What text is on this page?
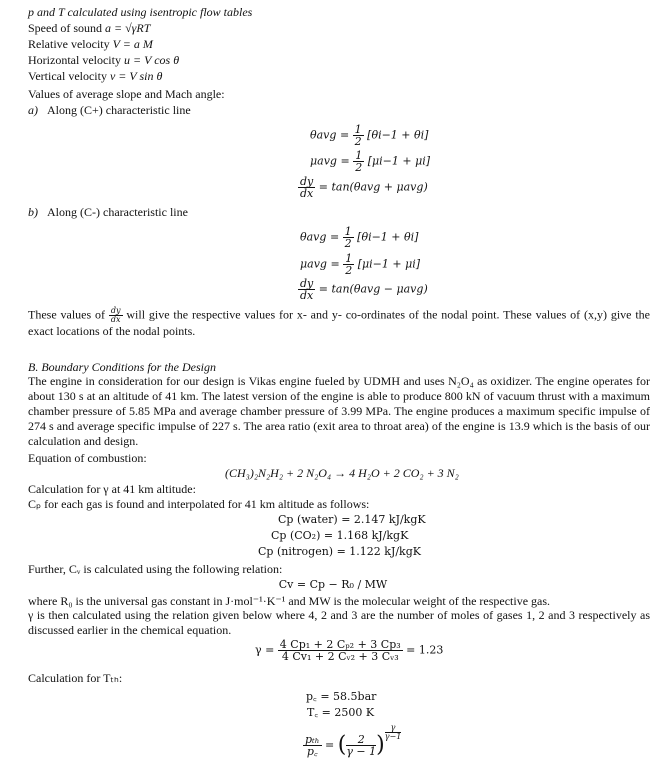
p and T calculated using isentropic flow tables
Speed of sound a = √γRT
Relative velocity V = a M
Horizontal velocity u = V cos θ
Vertical velocity v = V sin θ
Values of average slope and Mach angle:
a) Along (C+) characteristic line
$\theta avg = \frac{1}{2} [\theta i-1 + \theta i]$
$\mu avg = \frac{1}{2} [\mu i-1 + \mu i]$
$\frac{dy}{dx} = \tan(\theta avg + \mu avg)$
b) Along (C-) characteristic line
$\theta avg = \frac{1}{2} [\theta i-1 + \theta i]$
$\mu avg = \frac{1}{2} [\mu i-1 + \mu i]$
$\frac{dy}{dx} = \tan(\theta avg - \mu avg)$
These values of $\frac{dy}{dx}$ will give the respective values for x- and y- co-ordinates of the nodal point. These values of (x,y) give the exact locations of the nodal points.
B. Boundary Conditions for the Design
The engine in consideration for our design is Vikas engine fueled by UDMH and uses N₂O₄ as oxidizer. The engine operates for about 130 s at an altitude of 41 km. The latest version of the engine is able to produce 800 kN of vacuum thrust with a maximum chamber pressure of 5.85 MPa and average chamber pressure of 3.99 MPa. The engine produces a maximum specific impulse of 274 s and average specific impulse of 227 s. The area ratio (exit area to throat area) of the engine is 13.9 which is the basis of our calculation and design.
Equation of combustion:
(CH₃)₂N₂H₂ + 2 N₂O₄ → 4 H₂O + 2 CO₂ + 3 N₂
Calculation for γ at 41 km altitude:
Cₚ for each gas is found and interpolated for 41 km altitude as follows:
Cp (water) = 2.147 kJ/kgK
Cp (CO₂) = 1.168 kJ/kgK
Cp (nitrogen) = 1.122 kJ/kgK
Further, Cᵥ is calculated using the following relation:
Cv = Cp − R₀ / MW
where R₀ is the universal gas constant in J·mol⁻¹·K⁻¹ and MW is the molecular weight of the respective gas.
γ is then calculated using the relation given below where 4, 2 and 3 are the number of moles of gases 1, 2 and 3 respectively as discussed earlier in the chemical equation.
$\gamma = \frac{\text{4 Cp₁ + 2 Cₚ₂ + 3 Cp₃}}{\text{4 Cv₁ + 2 Cᵥ₂ + 3 Cᵥ₃}} = 1.23$
Calculation for Tₜₕ:
p꜀ = 58.5bar
T꜀ = 2500 K
$\frac{\text{pₜₕ}}{p꜀}$ = ( $\frac{2}{\gamma - 1}$ ) $^{\frac{\gamma}{\gamma-1}}$
